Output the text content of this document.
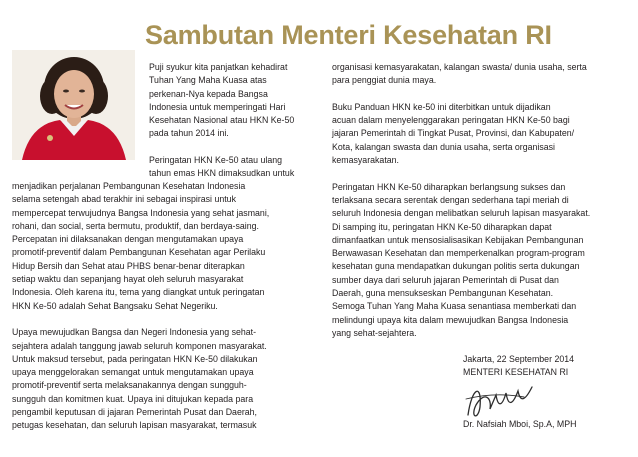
Sambutan Menteri Kesehatan RI
Puji syukur kita panjatkan kehadirat
Tuhan Yang Maha Kuasa atas
perkenan-Nya kepada Bangsa
Indonesia untuk memperingati Hari
Kesehatan Nasional atau HKN Ke-50
pada tahun 2014 ini.
Peringatan HKN Ke-50 atau ulang
tahun emas HKN dimaksudkan untuk
menjadikan perjalanan Pembangunan Kesehatan Indonesia
selama setengah abad terakhir ini sebagai inspirasi untuk
mempercepat terwujudnya Bangsa Indonesia yang sehat jasmani,
rohani, dan social, serta bermutu, produktif, dan berdaya-saing.
Percepatan ini dilaksanakan dengan mengutamakan upaya
promotif-preventif dalam Pembangunan Kesehatan agar Perilaku
Hidup Bersih dan Sehat atau PHBS benar-benar diterapkan
setiap waktu dan sepanjang hayat oleh seluruh masyarakat
Indonesia. Oleh karena itu, tema yang diangkat untuk peringatan
HKN Ke-50 adalah Sehat Bangsaku Sehat Negeriku.
Upaya mewujudkan Bangsa dan Negeri Indonesia yang sehat-
sejahtera adalah tanggung jawab seluruh komponen masyarakat.
Untuk maksud tersebut, pada peringatan HKN Ke-50 dilakukan
upaya menggelorakan semangat untuk mengutamakan upaya
promotif-preventif serta melaksanakannya dengan sungguh-
sungguh dan komitmen kuat. Upaya ini ditujukan kepada para
pengambil keputusan di jajaran Pemerintah Pusat dan Daerah,
petugas kesehatan, dan seluruh lapisan masyarakat, termasuk
organisasi kemasyarakatan, kalangan swasta/ dunia usaha, serta
para penggiat dunia maya.
Buku Panduan HKN ke-50 ini diterbitkan untuk dijadikan
acuan dalam menyelenggarakan peringatan HKN Ke-50 bagi
jajaran Pemerintah di Tingkat Pusat, Provinsi, dan Kabupaten/
Kota, kalangan swasta dan dunia usaha, serta organisasi
kemasyarakatan.
Peringatan HKN Ke-50 diharapkan berlangsung sukses dan
terlaksana secara serentak dengan sederhana tapi meriah di
seluruh Indonesia dengan melibatkan seluruh lapisan masyarakat.
Di samping itu, peringatan HKN Ke-50 diharapkan dapat
dimanfaatkan untuk mensosialisasikan Kebijakan Pembangunan
Berwawasan Kesehatan dan memperkenalkan program-program
kesehatan guna mendapatkan dukungan politis serta dukungan
sumber daya dari seluruh jajaran Pemerintah di Pusat dan
Daerah, guna mensukseskan Pembangunan Kesehatan.
Semoga Tuhan Yang Maha Kuasa senantiasa memberkati dan
melindungi upaya kita dalam mewujudkan Bangsa Indonesia
yang sehat-sejahtera.
Jakarta, 22 September 2014
MENTERI KESEHATAN RI
Dr. Nafsiah Mboi, Sp.A, MPH
